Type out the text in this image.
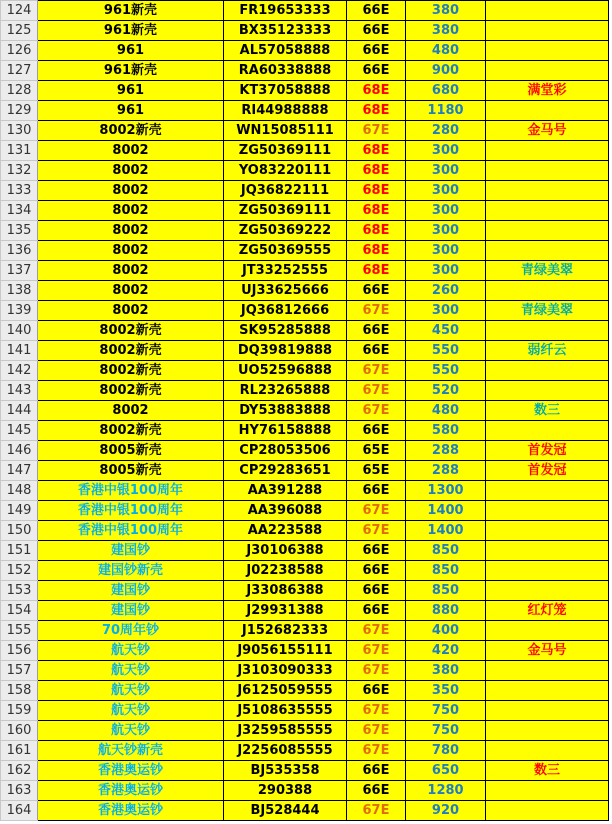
124	961新壳	FR19653333	66E	380	
125	961新壳	BX35123333	66E	380	
126	961	AL57058888	66E	480	
127	961新壳	RA60338888	66E	900	
128	961	KT37058888	68E	680	满堂彩
129	961	RI44988888	68E	1180	
130	8002新壳	WN15085111	67E	280	金马号
131	8002	ZG50369111	68E	300	
132	8002	YO83220111	68E	300	
133	8002	JQ36822111	68E	300	
134	8002	ZG50369111	68E	300	
135	8002	ZG50369222	68E	300	
136	8002	ZG50369555	68E	300	
137	8002	JT33252555	68E	300	青绿美翠
138	8002	UJ33625666	66E	260	
139	8002	JQ36812666	67E	300	青绿美翠
140	8002新壳	SK95285888	66E	450	
141	8002新壳	DQ39819888	66E	550	弱纤云
142	8002新壳	UO52596888	67E	550	
143	8002新壳	RL23265888	67E	520	
144	8002	DY53883888	67E	480	数三
145	8002新壳	HY76158888	66E	580	
146	8005新壳	CP28053506	65E	288	首发冠
147	8005新壳	CP29283651	65E	288	首发冠
148	香港中银100周年	AA391288	66E	1300	
149	香港中银100周年	AA396088	67E	1400	
150	香港中银100周年	AA223588	67E	1400	
151	建国钞	J30106388	66E	850	
152	建国钞新壳	J02238588	66E	850	
153	建国钞	J33086388	66E	850	
154	建国钞	J29931388	66E	880	红灯笼
155	70周年钞	J152682333	67E	400	
156	航天钞	J9056155111	67E	420	金马号
157	航天钞	J3103090333	67E	380	
158	航天钞	J6125059555	66E	350	
159	航天钞	J5108635555	67E	750	
160	航天钞	J3259585555	67E	750	
161	航天钞新壳	J2256085555	67E	780	
162	香港奥运钞	BJ535358	66E	650	数三
163	香港奥运钞	290388	66E	1280	
164	香港奥运钞	BJ528444	67E	920	
